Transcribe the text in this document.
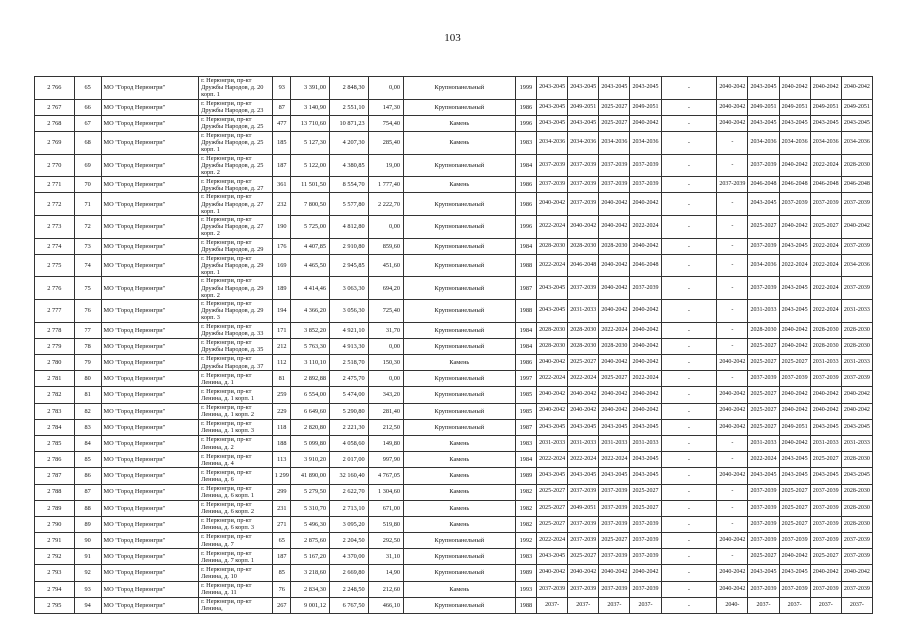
103
2 766	65	МО "Город Нерюнгри"	г. Нерюнгри, пр-кт Дружбы Народов, д. 20 корп. 1	93	3 391,00	2 848,30	0,00	Крупнопанельный	1999	2043-2045	2043-2045	2043-2045	2043-2045	-	2040-2042	2043-2045	2040-2042	2040-2042	2040-2042
2 767	66	МО "Город Нерюнгри"	г. Нерюнгри, пр-кт Дружбы Народов, д. 23	87	3 140,90	2 551,10	147,30	Крупнопанельный	1986	2043-2045	2049-2051	2025-2027	2049-2051	-	2040-2042	2049-2051	2049-2051	2049-2051	2049-2051
2 768	67	МО "Город Нерюнгри"	г. Нерюнгри, пр-кт Дружбы Народов, д. 25	477	13 710,60	10 871,23	754,40	Камень	1996	2043-2045	2043-2045	2025-2027	2040-2042	-	2040-2042	2043-2045	2043-2045	2043-2045	2043-2045
2 769	68	МО "Город Нерюнгри"	г. Нерюнгри, пр-кт Дружбы Народов, д. 25 корп. 1	185	5 127,30	4 207,30	285,40	Камень	1983	2034-2036	2034-2036	2034-2036	2034-2036	-	-	2034-2036	2034-2036	2034-2036	2034-2036
2 770	69	МО "Город Нерюнгри"	г. Нерюнгри, пр-кт Дружбы Народов, д. 25 корп. 2	187	5 122,00	4 380,85	19,00	Крупнопанельный	1984	2037-2039	2037-2039	2037-2039	2037-2039	-	-	2037-2039	2040-2042	2022-2024	2028-2030
2 771	70	МО "Город Нерюнгри"	г. Нерюнгри, пр-кт Дружбы Народов, д. 27	361	11 501,50	8 554,70	1 777,40	Камень	1986	2037-2039	2037-2039	2037-2039	2037-2039	-	2037-2039	2046-2048	2046-2048	2046-2048	2046-2048
2 772	71	МО "Город Нерюнгри"	г. Нерюнгри, пр-кт Дружбы Народов, д. 27 корп. 1	232	7 800,50	5 577,80	2 222,70	Крупнопанельный	1986	2040-2042	2037-2039	2040-2042	2040-2042	-	-	2043-2045	2037-2039	2037-2039	2037-2039
2 773	72	МО "Город Нерюнгри"	г. Нерюнгри, пр-кт Дружбы Народов, д. 27 корп. 2	190	5 725,00	4 812,80	0,00	Крупнопанельный	1996	2022-2024	2040-2042	2040-2042	2022-2024	-	-	2025-2027	2040-2042	2025-2027	2040-2042
2 774	73	МО "Город Нерюнгри"	г. Нерюнгри, пр-кт Дружбы Народов, д. 29	176	4 407,85	2 910,80	859,60	Крупнопанельный	1984	2028-2030	2028-2030	2028-2030	2040-2042	-	-	2037-2039	2043-2045	2022-2024	2037-2039
2 775	74	МО "Город Нерюнгри"	г. Нерюнгри, пр-кт Дружбы Народов, д. 29 корп. 1	169	4 465,50	2 945,85	451,60	Крупнопанельный	1988	2022-2024	2046-2048	2040-2042	2046-2048	-	-	2034-2036	2022-2024	2022-2024	2034-2036
2 776	75	МО "Город Нерюнгри"	г. Нерюнгри, пр-кт Дружбы Народов, д. 29 корп. 2	189	4 414,46	3 063,30	694,20	Крупнопанельный	1987	2043-2045	2037-2039	2040-2042	2037-2039	-	-	2037-2039	2043-2045	2022-2024	2037-2039
2 777	76	МО "Город Нерюнгри"	г. Нерюнгри, пр-кт Дружбы Народов, д. 29 корп. 3	194	4 366,20	3 056,30	725,40	Крупнопанельный	1988	2043-2045	2031-2033	2040-2042	2040-2042	-	-	2031-2033	2043-2045	2022-2024	2031-2033
2 778	77	МО "Город Нерюнгри"	г. Нерюнгри, пр-кт Дружбы Народов, д. 33	171	3 852,20	4 921,10	31,70	Крупнопанельный	1984	2028-2030	2028-2030	2022-2024	2040-2042	-	-	2028-2030	2040-2042	2028-2030	2028-2030
2 779	78	МО "Город Нерюнгри"	г. Нерюнгри, пр-кт Дружбы Народов, д. 35	212	5 763,30	4 913,30	0,00	Крупнопанельный	1984	2028-2030	2028-2030	2028-2030	2040-2042	-	-	2025-2027	2040-2042	2028-2030	2028-2030
2 780	79	МО "Город Нерюнгри"	г. Нерюнгри, пр-кт Дружбы Народов, д. 37	112	3 110,10	2 518,70	150,30	Камень	1986	2040-2042	2025-2027	2040-2042	2040-2042	-	2040-2042	2025-2027	2025-2027	2031-2033	2031-2033
2 781	80	МО "Город Нерюнгри"	г. Нерюнгри, пр-кт Ленина, д. 1	81	2 892,88	2 475,70	0,00	Крупнопанельный	1997	2022-2024	2022-2024	2025-2027	2022-2024	-	-	2037-2039	2037-2039	2037-2039	2037-2039
2 782	81	МО "Город Нерюнгри"	г. Нерюнгри, пр-кт Ленина, д. 1 корп. 1	259	6 554,00	5 474,00	343,20	Крупнопанельный	1985	2040-2042	2040-2042	2040-2042	2040-2042	-	2040-2042	2025-2027	2040-2042	2040-2042	2040-2042
2 783	82	МО "Город Нерюнгри"	г. Нерюнгри, пр-кт Ленина, д. 1 корп. 2	229	6 649,60	5 290,80	281,40	Крупнопанельный	1985	2040-2042	2040-2042	2040-2042	2040-2042	-	2040-2042	2025-2027	2040-2042	2040-2042	2040-2042
2 784	83	МО "Город Нерюнгри"	г. Нерюнгри, пр-кт Ленина, д. 1 корп. 3	118	2 820,80	2 221,30	212,50	Крупнопанельный	1987	2043-2045	2043-2045	2043-2045	2043-2045	-	2040-2042	2025-2027	2049-2051	2043-2045	2043-2045
2 785	84	МО "Город Нерюнгри"	г. Нерюнгри, пр-кт Ленина, д. 2	188	5 099,80	4 058,60	149,80	Камень	1983	2031-2033	2031-2033	2031-2033	2031-2033	-	-	2031-2033	2040-2042	2031-2033	2031-2033
2 786	85	МО "Город Нерюнгри"	г. Нерюнгри, пр-кт Ленина, д. 4	113	3 910,20	2 017,00	997,90	Камень	1984	2022-2024	2022-2024	2022-2024	2043-2045	-	-	2022-2024	2043-2045	2025-2027	2028-2030
2 787	86	МО "Город Нерюнгри"	г. Нерюнгри, пр-кт Ленина, д. 6	1 299	41 890,00	32 160,40	4 767,05	Камень	1989	2043-2045	2043-2045	2043-2045	2043-2045	-	2040-2042	2043-2045	2043-2045	2043-2045	2043-2045
2 788	87	МО "Город Нерюнгри"	г. Нерюнгри, пр-кт Ленина, д. 6 корп. 1	299	5 279,50	2 622,70	1 304,60	Камень	1982	2025-2027	2037-2039	2037-2039	2025-2027	-	-	2037-2039	2025-2027	2037-2039	2028-2030
2 789	88	МО "Город Нерюнгри"	г. Нерюнгри, пр-кт Ленина, д. 6 корп. 2	231	5 310,70	2 713,10	671,00	Камень	1982	2025-2027	2049-2051	2037-2039	2025-2027	-	-	2037-2039	2025-2027	2037-2039	2028-2030
2 790	89	МО "Город Нерюнгри"	г. Нерюнгри, пр-кт Ленина, д. 6 корп. 3	271	5 496,30	3 095,20	519,80	Камень	1982	2025-2027	2037-2039	2037-2039	2037-2039	-	-	2037-2039	2025-2027	2037-2039	2028-2030
2 791	90	МО "Город Нерюнгри"	г. Нерюнгри, пр-кт Ленина, д. 7	65	2 875,60	2 204,50	292,50	Крупнопанельный	1992	2022-2024	2037-2039	2025-2027	2037-2039	-	2040-2042	2037-2039	2037-2039	2037-2039	2037-2039
2 792	91	МО "Город Нерюнгри"	г. Нерюнгри, пр-кт Ленина, д. 7 корп. 1	187	5 167,20	4 370,00	31,10	Крупнопанельный	1983	2043-2045	2025-2027	2037-2039	2037-2039	-	-	2025-2027	2040-2042	2025-2027	2037-2039
2 793	92	МО "Город Нерюнгри"	г. Нерюнгри, пр-кт Ленина, д. 10	85	3 218,60	2 669,80	14,90	Крупнопанельный	1989	2040-2042	2040-2042	2040-2042	2040-2042	-	2040-2042	2043-2045	2043-2045	2040-2042	2040-2042
2 794	93	МО "Город Нерюнгри"	г. Нерюнгри, пр-кт Ленина, д. 11	76	2 834,30	2 248,50	212,60	Камень	1993	2037-2039	2037-2039	2037-2039	2037-2039	-	2040-2042	2037-2039	2037-2039	2037-2039	2037-2039
2 795	94	МО "Город Нерюнгри"	г. Нерюнгри, пр-кт Ленина,	267	9 001,12	6 767,50	466,10	Крупнопанельный	1988	2037-	2037-	2037-	2037-	-	2040-	2037-	2037-	2037-	2037-
